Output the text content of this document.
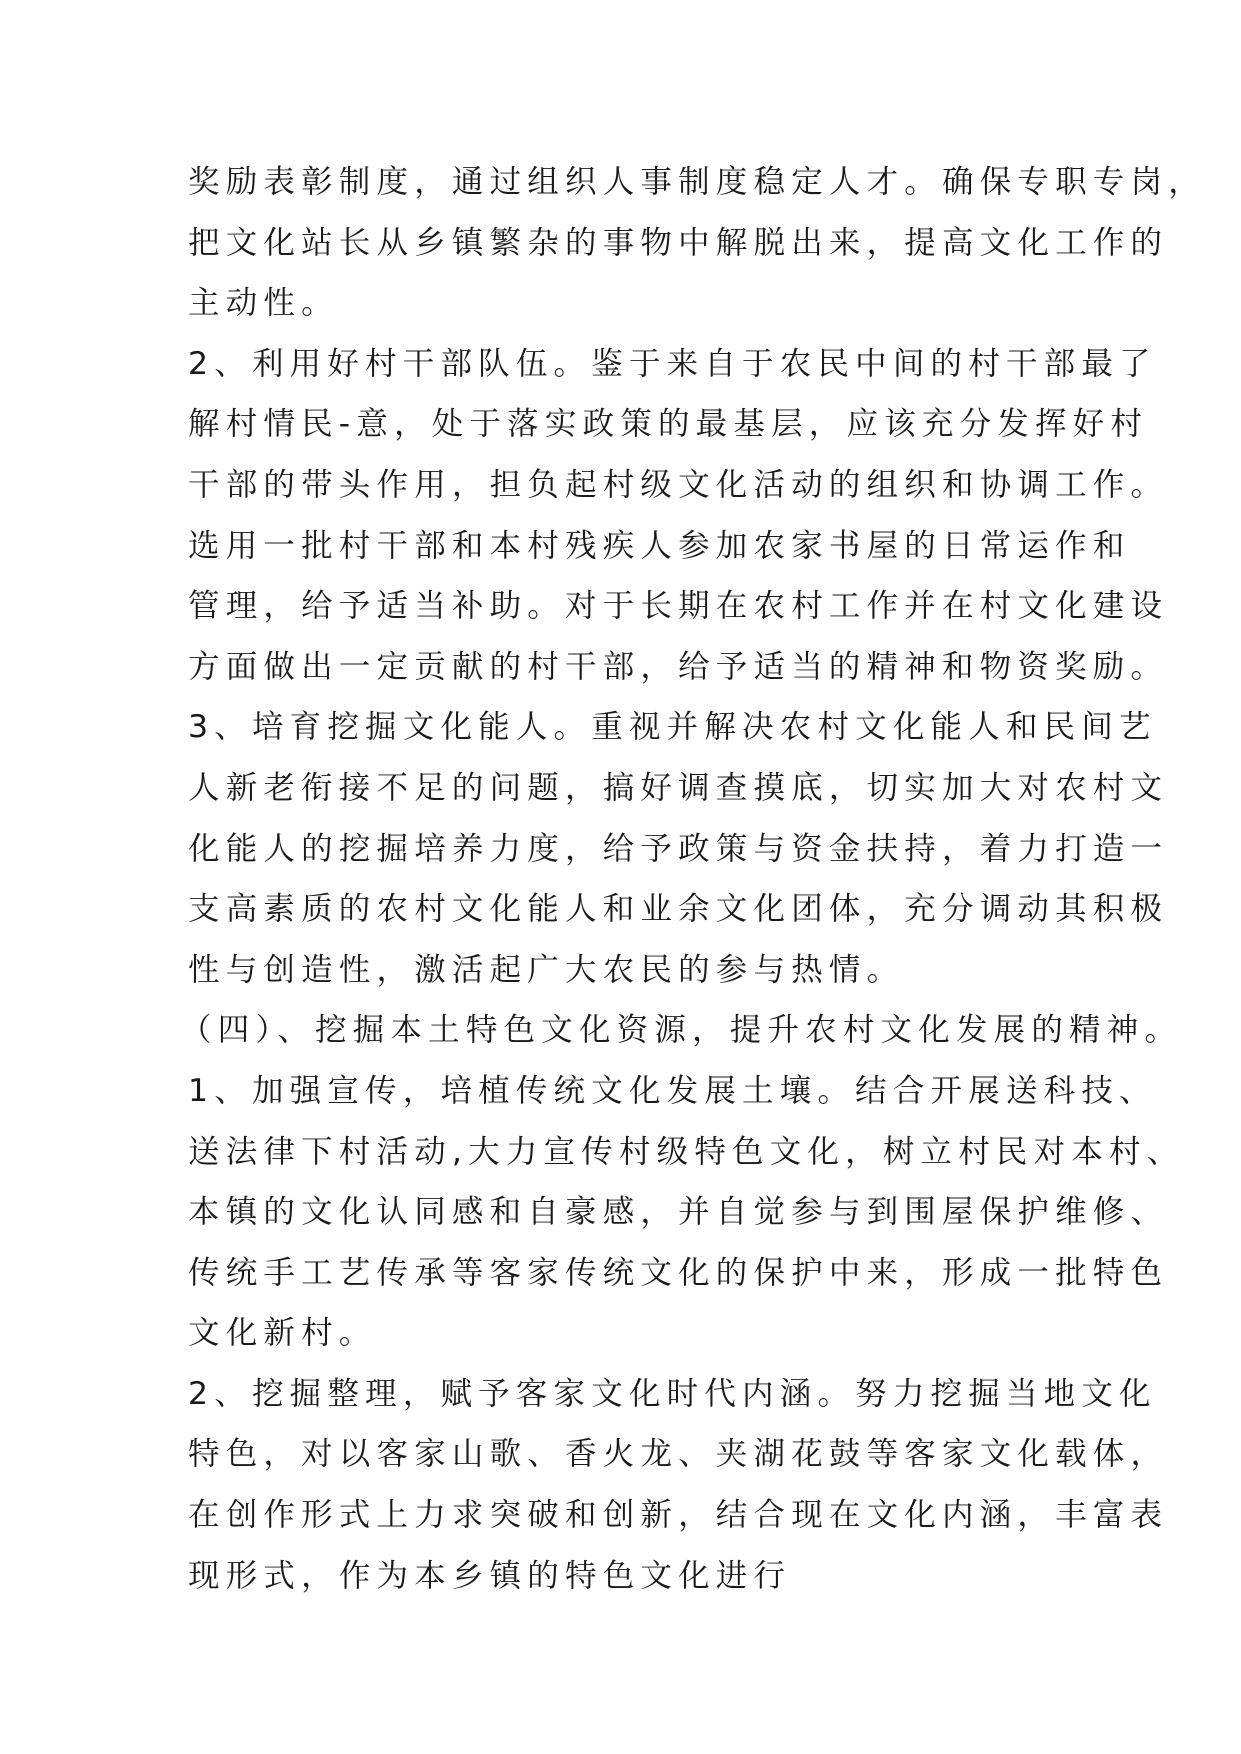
奖励表彰制度，通过组织人事制度稳定人才。确保专职专岗，
把文化站长从乡镇繁杂的事物中解脱出来，提高文化工作的
主动性。
2、利用好村干部队伍。鉴于来自于农民中间的村干部最了
解村情民-意，处于落实政策的最基层，应该充分发挥好村
干部的带头作用，担负起村级文化活动的组织和协调工作。
选用一批村干部和本村残疾人参加农家书屋的日常运作和
管理，给予适当补助。对于长期在农村工作并在村文化建设
方面做出一定贡献的村干部，给予适当的精神和物资奖励。
3、培育挖掘文化能人。重视并解决农村文化能人和民间艺
人新老衔接不足的问题，搞好调查摸底，切实加大对农村文
化能人的挖掘培养力度，给予政策与资金扶持，着力打造一
支高素质的农村文化能人和业余文化团体，充分调动其积极
性与创造性，激活起广大农民的参与热情。
（四）、挖掘本土特色文化资源，提升农村文化发展的精神。
1、加强宣传，培植传统文化发展土壤。结合开展送科技、
送法律下村活动,大力宣传村级特色文化，树立村民对本村、
本镇的文化认同感和自豪感，并自觉参与到围屋保护维修、
传统手工艺传承等客家传统文化的保护中来，形成一批特色
文化新村。
2、挖掘整理，赋予客家文化时代内涵。努力挖掘当地文化
特色，对以客家山歌、香火龙、夹湖花鼓等客家文化载体，
在创作形式上力求突破和创新，结合现在文化内涵，丰富表
现形式，作为本乡镇的特色文化进行
